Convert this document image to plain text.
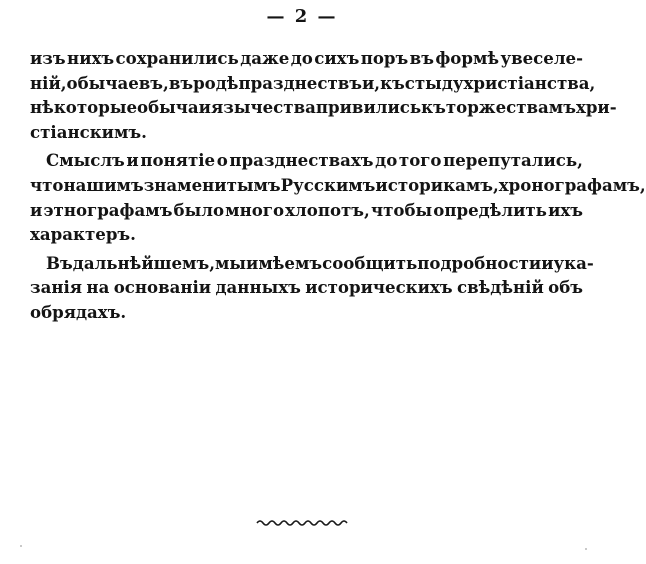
— 2 —
изъ нихъ сохранились даже до сихъ поръ въ формѣ увеселе-
нiй, обычаевъ, въ родѣ празднествъ и, къ стыду христiанства,
нѣкоторые обычаи язычества привились къ торжествамъ хри-
стiанскимъ.
Смыслъ и понятiе о празднествахъ до того перепутались,
что нашимъ знаменитымъ Русскимъ историкамъ, хронографамъ,
и этнографамъ было много хлопотъ, чтобы опредѣлить ихъ
характеръ.
Въ дальнѣйшемъ, мы имѣемъ сообщить подробности и ука-
занiя на основанiи данныхъ историческихъ свѣдѣнiй объ
обрядахъ.
